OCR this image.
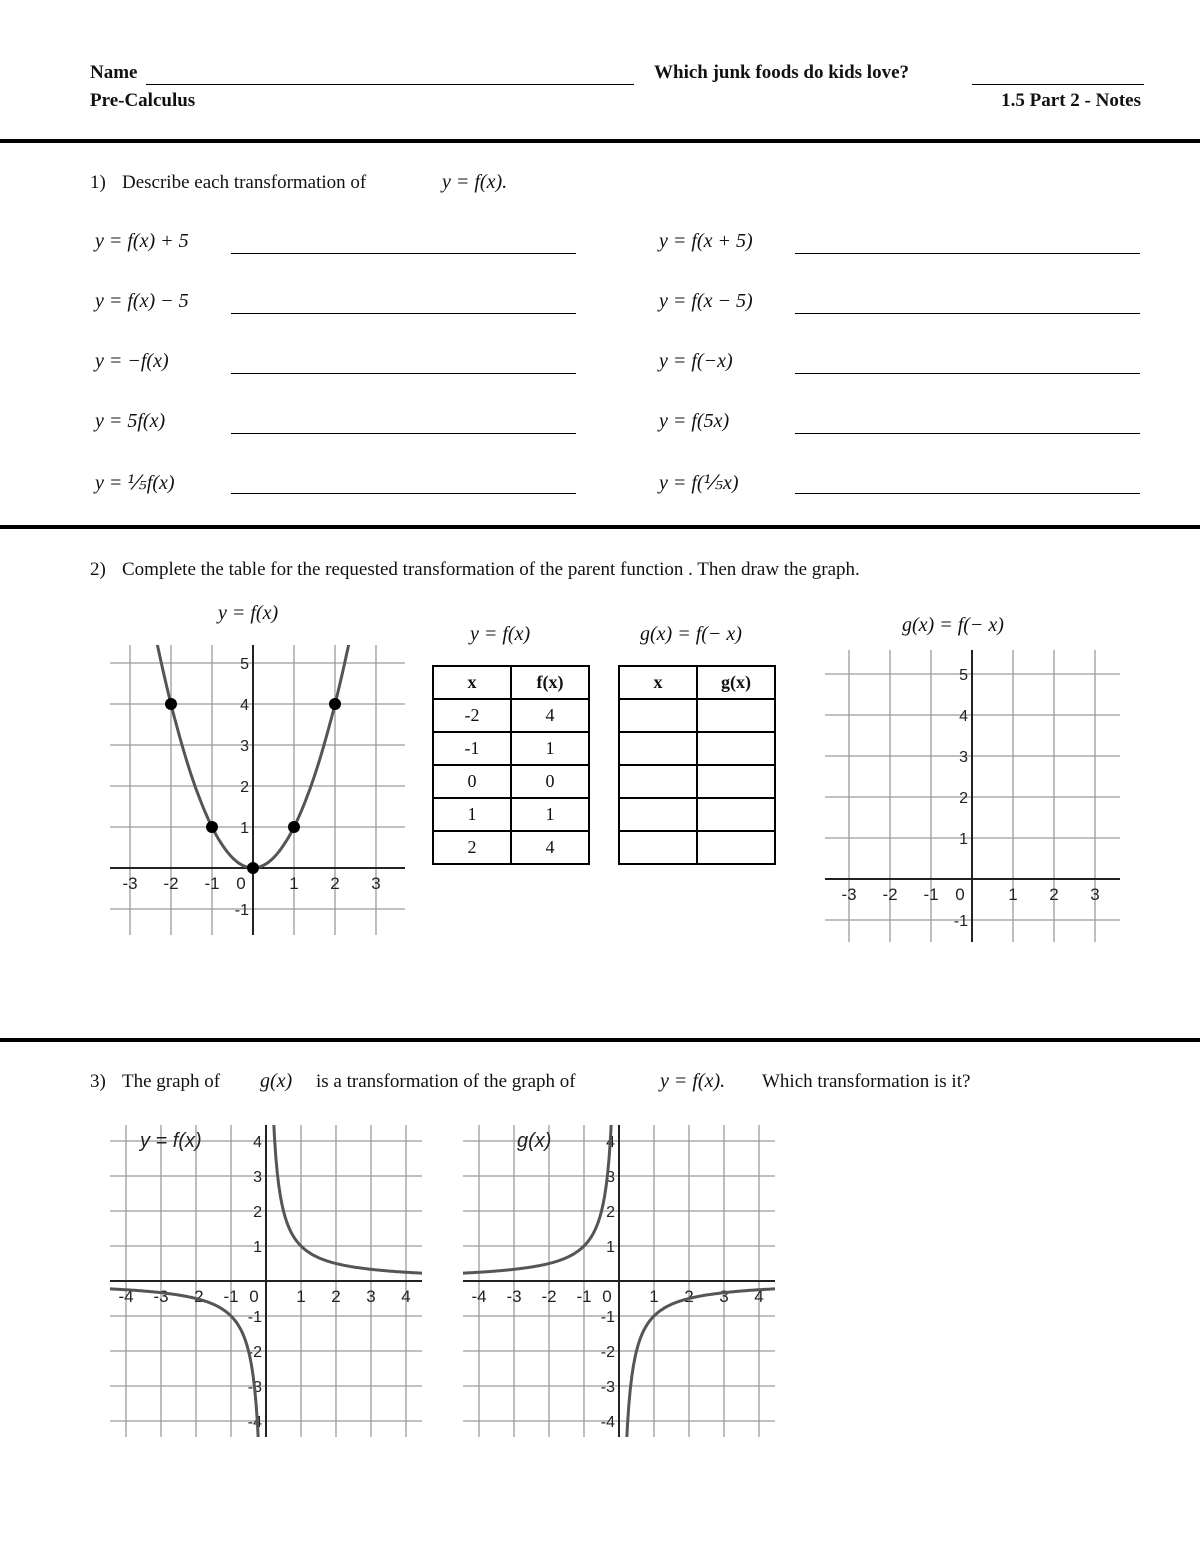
Name	Which junk foods do kids love?
Pre-Calculus	1.5 Part 2 - Notes
1) Describe each transformation of	y = f(x).
y = f(x) + 5
y = f(x) − 5
y = −f(x)
y = 5f(x)
y = ⅕f(x)
y = f(x + 5)
y = f(x − 5)
y = f(−x)
y = f(5x)
y = f(⅕x)
2) Complete the table for the requested transformation of the parent function . Then draw the graph.
y = f(x)
y = f(x)	g(x) = f(− x)	g(x) = f(− x)
-3 -2 -1 0	1 2 3
5
4
3
2
1
-1
-3 -2 -1 0	1 2 3
5
4
3
2
1
-1
x	f(x)
-2	4
-1	1
0	0
1	1
2	4
x	g(x)

3) The graph of g(x) is a transformation of the graph of	y = f(x). Which transformation is it?
-4 -3 -2 -1 0 1 2 3 4
4
3
2
1
-1
-2
-3
-4
y = f(x)
-4 -3 -2 -1 0 1 2 3 4
4
3
2
1
-1
-2
-3
-4
g(x)
